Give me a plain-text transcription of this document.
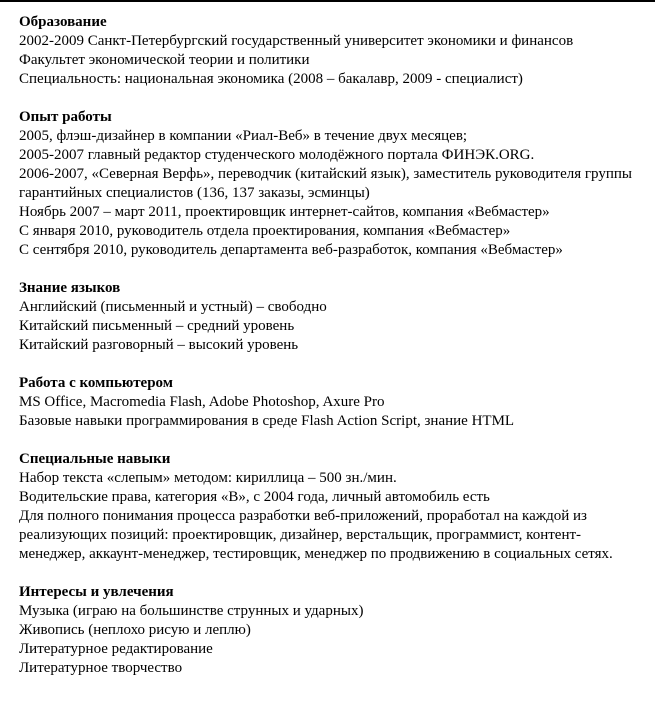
Образование
2002-2009 Санкт-Петербургский государственный университет экономики и финансов
Факультет экономической теории и политики
Специальность: национальная экономика (2008 – бакалавр, 2009 - специалист)
Опыт работы
2005, флэш-дизайнер в компании «Риал-Веб» в течение двух месяцев;
2005-2007 главный редактор студенческого молодёжного портала ФИНЭК.ORG.
2006-2007, «Северная Верфь», переводчик (китайский язык), заместитель руководителя группы гарантийных специалистов (136, 137 заказы, эсминцы)
Ноябрь 2007 – март 2011, проектировщик интернет-сайтов, компания «Вебмастер»
С января 2010, руководитель отдела проектирования, компания «Вебмастер»
С сентября 2010, руководитель департамента веб-разработок, компания «Вебмастер»
Знание языков
Английский (письменный и устный) – свободно
Китайский письменный – средний уровень
Китайский разговорный – высокий уровень
Работа с компьютером
MS Office, Macromedia Flash, Adobe Photoshop, Axure Pro
Базовые навыки программирования в среде Flash Action Script, знание HTML
Специальные навыки
Набор текста «слепым» методом: кириллица – 500 зн./мин.
Водительские права, категория «В», с 2004 года, личный автомобиль есть
Для полного понимания процесса разработки веб-приложений, проработал на каждой из реализующих позиций: проектировщик, дизайнер, верстальщик, программист, контент-менеджер, аккаунт-менеджер, тестировщик, менеджер по продвижению в социальных сетях.
Интересы и увлечения
Музыка (играю на большинстве струнных и ударных)
Живопись (неплохо рисую и леплю)
Литературное редактирование
Литературное творчество
